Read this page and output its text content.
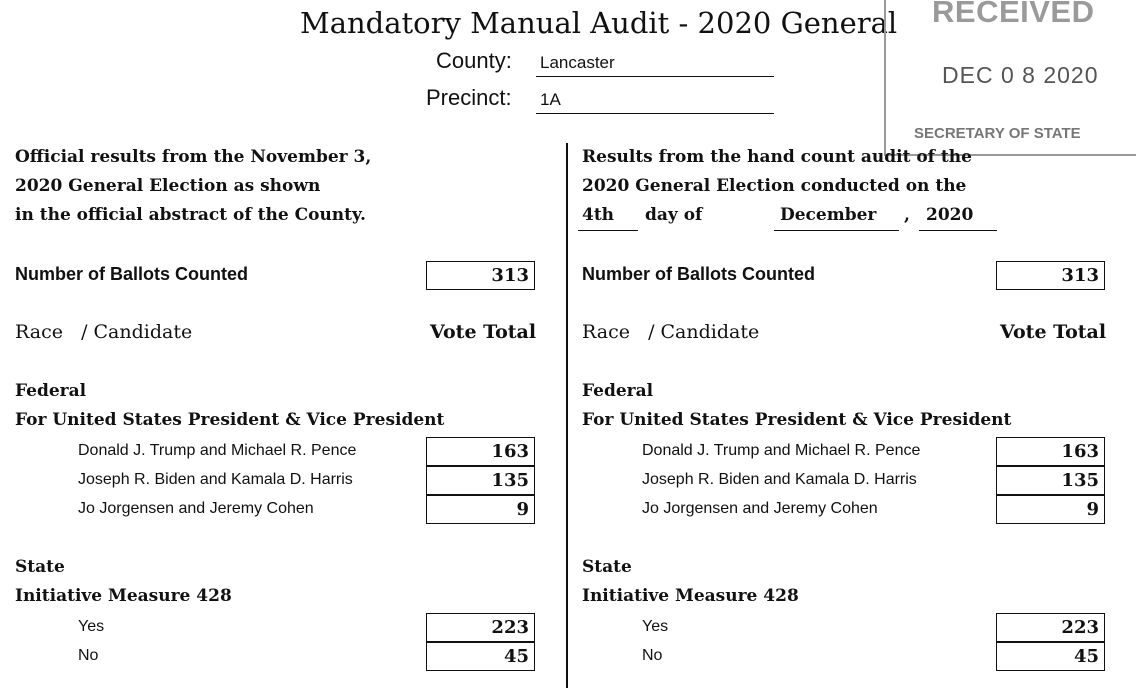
Mandatory Manual Audit - 2020 General
County: Lancaster
Precinct: 1A
RECEIVED
DEC 0 8 2020
SECRETARY OF STATE
Official results from the November 3,
2020 General Election as shown
in the official abstract of the County.
Number of Ballots Counted	313
Race   / Candidate	Vote Total
Federal
For United States President & Vice President
Donald J. Trump and Michael R. Pence	163
Joseph R. Biden and Kamala D. Harris	135
Jo Jorgensen and Jeremy Cohen	9
State
Initiative Measure 428
Yes	223
No	45
Results from the hand count audit of the
2020 General Election conducted on the
4th day of	December , 2020
Number of Ballots Counted	313
Race   / Candidate	Vote Total
Federal
For United States President & Vice President
Donald J. Trump and Michael R. Pence	163
Joseph R. Biden and Kamala D. Harris	135
Jo Jorgensen and Jeremy Cohen	9
State
Initiative Measure 428
Yes	223
No	45
